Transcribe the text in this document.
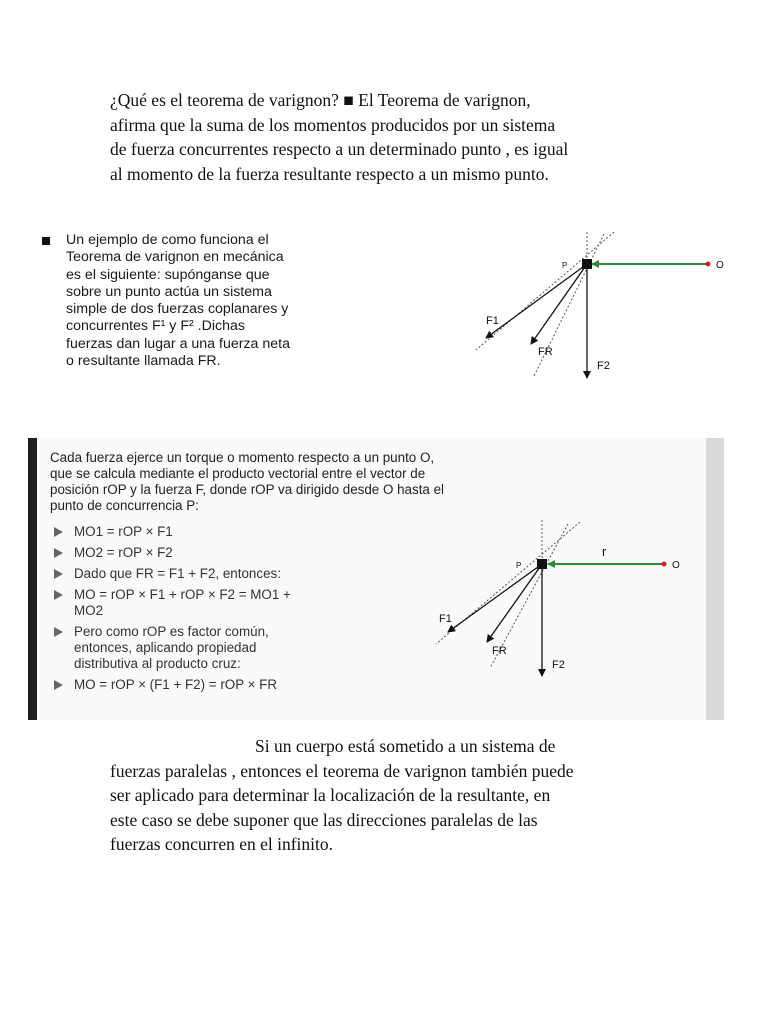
¿Qué es el teorema de varignon? ■ El Teorema de varignon,
afirma que la suma de los momentos producidos por un sistema
de fuerza concurrentes respecto a un determinado punto , es igual
al momento de la fuerza resultante respecto a un mismo punto.

Un ejemplo de como funciona el
Teorema de varignon en mecánica
es el siguiente: supónganse que
sobre un punto actúa un sistema
simple de dos fuerzas coplanares y
concurrentes F¹ y F² .Dichas
fuerzas dan lugar a una fuerza neta
o resultante llamada FR.
P	O
F1
FR
F2
Cada fuerza ejerce un torque o momento respecto a un punto O,
que se calcula mediante el producto vectorial entre el vector de
posición rOP y la fuerza F, donde rOP va dirigido desde O hasta el
punto de concurrencia P:
MO1 = rOP × F1
MO2 = rOP × F2
Dado que FR = F1 + F2, entonces:
MO = rOP × F1 + rOP × F2 = MO1 +
MO2
Pero como rOP es factor común,
entonces, aplicando propiedad
distributiva al producto cruz:
MO = rOP × (F1 + F2) = rOP × FR
P	O
r
F1
FR
F2

Si un cuerpo está sometido a un sistema de
fuerzas paralelas , entonces el teorema de varignon también puede
ser aplicado para determinar la localización de la resultante, en
este caso se debe suponer que las direcciones paralelas de las
fuerzas concurren en el infinito.
